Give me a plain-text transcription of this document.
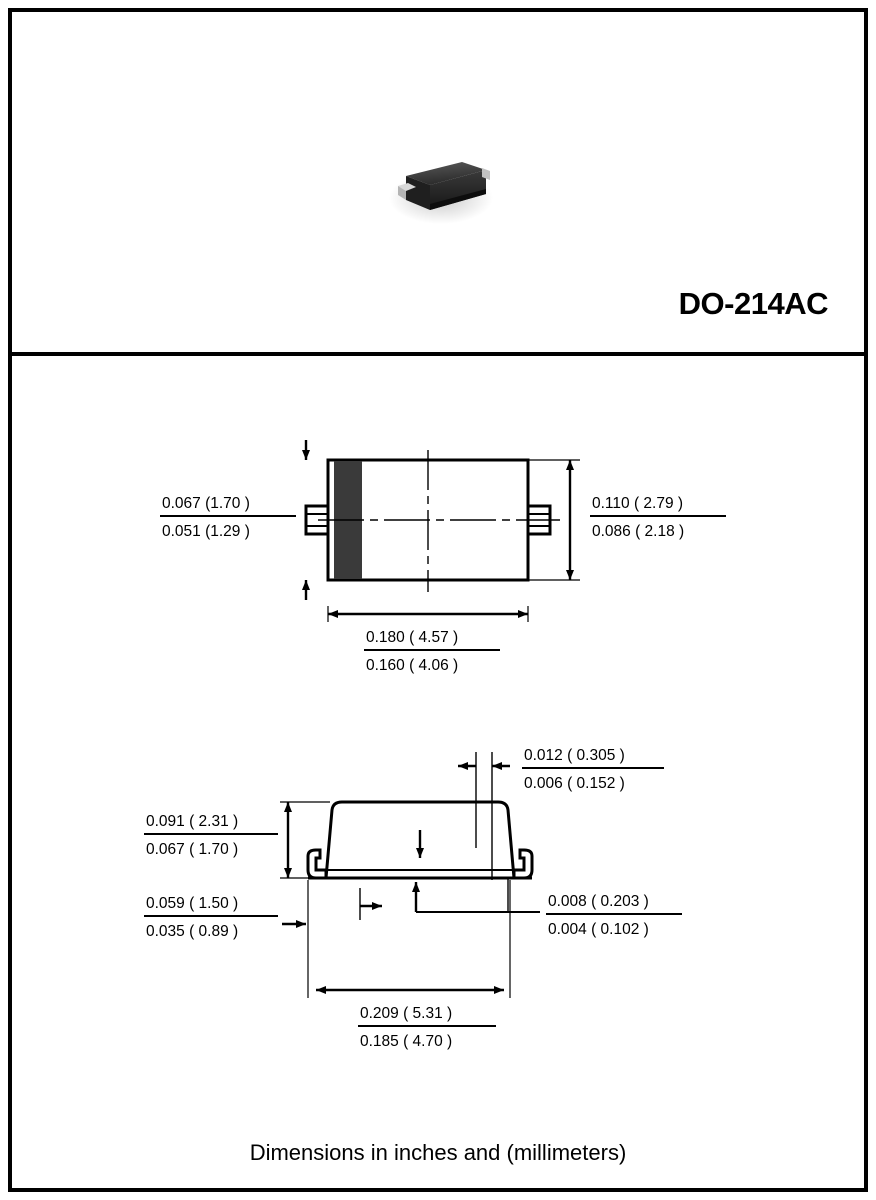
DO-214AC
0.067 (1.70 )
0.051 (1.29 )
0.110 ( 2.79 )
0.086 ( 2.18 )
0.180 ( 4.57 )
0.160 ( 4.06 )
0.091 ( 2.31 )
0.067 ( 1.70 )
0.059 ( 1.50 )
0.035 ( 0.89 )
0.012 ( 0.305 )
0.006 ( 0.152 )
0.008 ( 0.203 )
0.004 ( 0.102 )
0.209 ( 5.31 )
0.185 ( 4.70 )
Dimensions in inches and (millimeters)
